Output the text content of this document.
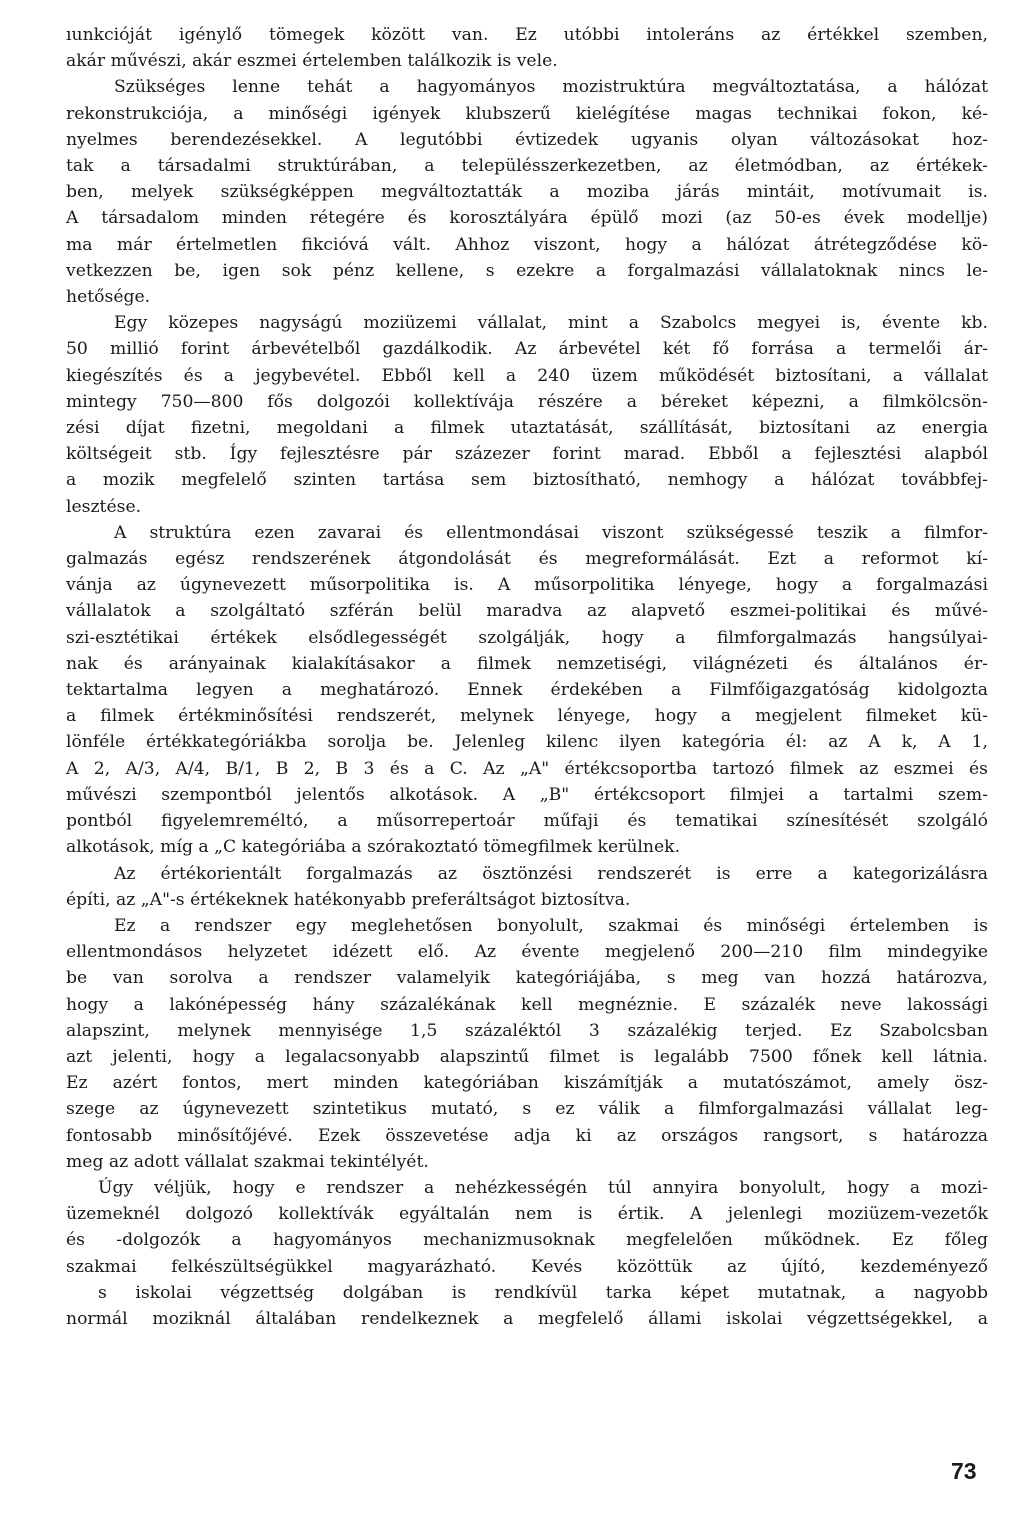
ıunkcióját igénylő tömegek között van. Ez utóbbi intoleráns az értékkel szemben,
akár művészi, akár eszmei értelemben találkozik is vele.
Szükséges lenne tehát a hagyományos mozistruktúra megváltoztatása, a hálózat
rekonstrukciója, a minőségi igények klubszerű kielégítése magas technikai fokon, ké-
nyelmes berendezésekkel. A legutóbbi évtizedek ugyanis olyan változásokat hoz-
tak a társadalmi struktúrában, a településszerkezetben, az életmódban, az értékek-
ben, melyek szükségképpen megváltoztatták a moziba járás mintáit, motívumait is.
A társadalom minden rétegére és korosztályára épülő mozi (az 50-es évek modellje)
ma már értelmetlen fikcióvá vált. Ahhoz viszont, hogy a hálózat átrétegződése kö-
vetkezzen be, igen sok pénz kellene, s ezekre a forgalmazási vállalatoknak nincs le-
hetősége.
Egy közepes nagyságú moziüzemi vállalat, mint a Szabolcs megyei is, évente kb.
50 millió forint árbevételből gazdálkodik. Az árbevétel két fő forrása a termelői ár-
kiegészítés és a jegybevétel. Ebből kell a 240 üzem működését biztosítani, a vállalat
mintegy 750—800 fős dolgozói kollektívája részére a béreket képezni, a filmkölcsön-
zési díjat fizetni, megoldani a filmek utaztatását, szállítását, biztosítani az energia
költségeit stb. Így fejlesztésre pár százezer forint marad. Ebből a fejlesztési alapból
a mozik megfelelő szinten tartása sem biztosítható, nemhogy a hálózat továbbfej-
lesztése.
A struktúra ezen zavarai és ellentmondásai viszont szükségessé teszik a filmfor-
galmazás egész rendszerének átgondolását és megreformálását. Ezt a reformot kí-
vánja az úgynevezett műsorpolitika is. A műsorpolitika lényege, hogy a forgalmazási
vállalatok a szolgáltató szférán belül maradva az alapvető eszmei-politikai és művé-
szi-esztétikai értékek elsődlegességét szolgálják, hogy a filmforgalmazás hangsúlyai-
nak és arányainak kialakításakor a filmek nemzetiségi, világnézeti és általános ér-
tektartalma legyen a meghatározó. Ennek érdekében a Filmfőigazgatóság kidolgozta
a filmek értékminősítési rendszerét, melynek lényege, hogy a megjelent filmeket kü-
lönféle értékkategóriákba sorolja be. Jelenleg kilenc ilyen kategória él: az A k, A 1,
A 2, A/3, A/4, B/1, B 2, B 3 és a C. Az „A" értékcsoportba tartozó filmek az eszmei és
művészi szempontból jelentős alkotások. A „B" értékcsoport filmjei a tartalmi szem-
pontból figyelemreméltó, a műsorrepertoár műfaji és tematikai színesítését szolgáló
alkotások, míg a „C kategóriába a szórakoztató tömegfilmek kerülnek.
Az értékorientált forgalmazás az ösztönzési rendszerét is erre a kategorizálásra
építi, az „A"-s értékeknek hatékonyabb preferáltságot biztosítva.
Ez a rendszer egy meglehetősen bonyolult, szakmai és minőségi értelemben is
ellentmondásos helyzetet idézett elő. Az évente megjelenő 200—210 film mindegyike
be van sorolva a rendszer valamelyik kategóriájába, s meg van hozzá határozva,
hogy a lakónépesség hány százalékának kell megnéznie. E százalék neve lakossági
alapszint, melynek mennyisége 1,5 százaléktól 3 százalékig terjed. Ez Szabolcsban
azt jelenti, hogy a legalacsonyabb alapszintű filmet is legalább 7500 főnek kell látnia.
Ez azért fontos, mert minden kategóriában kiszámítják a mutatószámot, amely ösz-
szege az úgynevezett szintetikus mutató, s ez válik a filmforgalmazási vállalat leg-
fontosabb minősítőjévé. Ezek összevetése adja ki az országos rangsort, s határozza
meg az adott vállalat szakmai tekintélyét.
Úgy véljük, hogy e rendszer a nehézkességén túl annyira bonyolult, hogy a mozi-
üzemeknél dolgozó kollektívák egyáltalán nem is értik. A jelenlegi moziüzem-vezetők
és -dolgozók a hagyományos mechanizmusoknak megfelelően működnek. Ez főleg
szakmai felkészültségükkel magyarázható. Kevés közöttük az újító, kezdeményező
s iskolai végzettség dolgában is rendkívül tarka képet mutatnak, a nagyobb
normál moziknál általában rendelkeznek a megfelelő állami iskolai végzettségekkel, a
73
